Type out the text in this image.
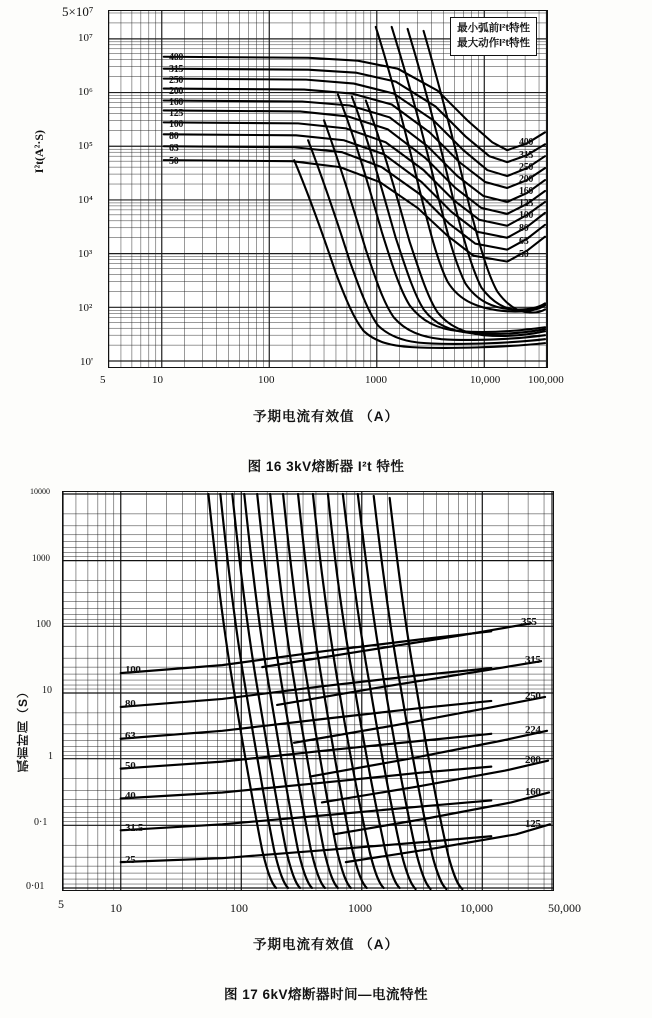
I²t(A²·S)
5×10⁷
400
315
250
200
160
125
100
80
63
50
400
315
250
200
160
125
100
80
63
50
最小弧前I²t特性
最大动作I²t特性
10⁷
10⁶
10⁵
10⁴
10³
10²
10'
5	10	100	1000	10,000	100,000
予期电流有效值 （A）
图 16 3kV熔断器 I²t 特性
弧前时间（S）
100
80
63
50
40
31.5
25
355
315
250
224
200
160
125
10000
1000
100
10
1
0·1
0·01
5	10	100	1000	10,000	50,000
予期电流有效值 （A）
图 17 6kV熔断器时间—电流特性
